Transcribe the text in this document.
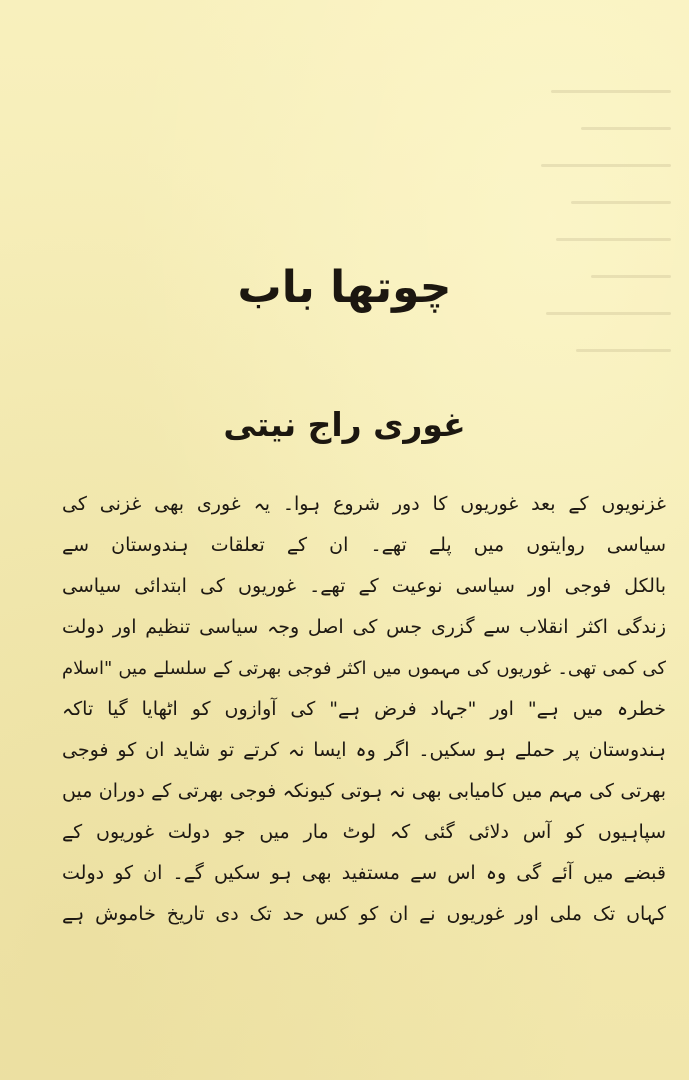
چوتھا باب
غوری راج نیتی
غزنویوں کے بعد غوریوں کا دور شروع ہوا۔ یہ غوری بھی غزنی کی
سیاسی روایتوں میں پلے تھے۔ ان کے تعلقات ہندوستان سے
بالکل فوجی اور سیاسی نوعیت کے تھے۔ غوریوں کی ابتدائی سیاسی
زندگی اکثر انقلاب سے گزری جس کی اصل وجہ سیاسی تنظیم اور دولت
کی کمی تھی۔ غوریوں کی مہموں میں اکثر فوجی بھرتی کے سلسلے میں "اسلام
خطرہ میں ہے" اور "جہاد فرض ہے" کی آوازوں کو اٹھایا گیا تاکہ
ہندوستان پر حملے ہو سکیں۔ اگر وہ ایسا نہ کرتے تو شاید ان کو فوجی
بھرتی کی مہم میں کامیابی بھی نہ ہوتی کیونکہ فوجی بھرتی کے دوران میں
سپاہیوں کو آس دلائی گئی کہ لوٹ مار میں جو دولت غوریوں کے
قبضے میں آئے گی وہ اس سے مستفید بھی ہو سکیں گے۔ ان کو دولت
کہاں تک ملی اور غوریوں نے ان کو کس حد تک دی تاریخ خاموش ہے
